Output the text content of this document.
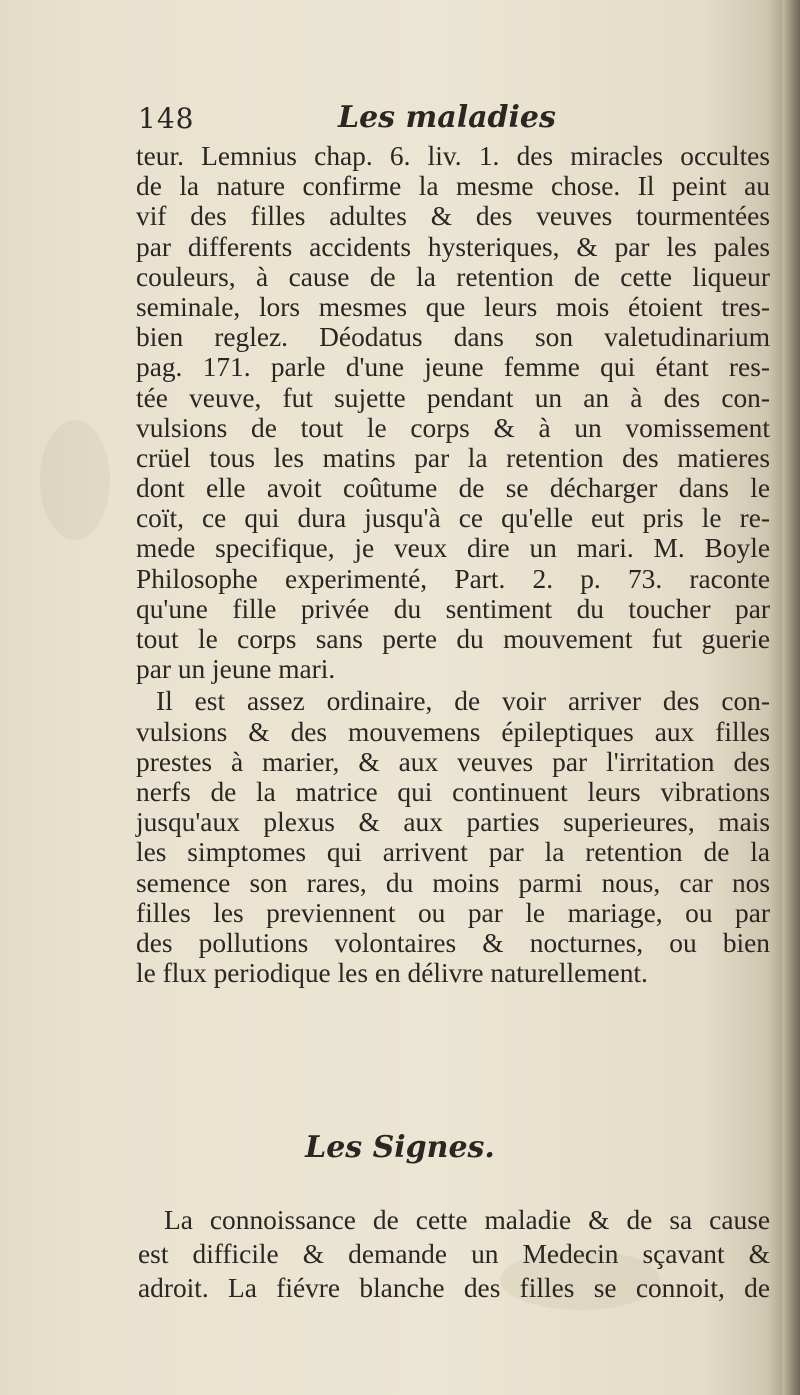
148	Les maladies
teur. Lemnius chap. 6. liv. 1. des miracles occultes
de la nature confirme la mesme chose. Il peint au
vif des filles adultes & des veuves tourmentées
par differents accidents hysteriques, & par les pales
couleurs, à cause de la retention de cette liqueur
seminale, lors mesmes que leurs mois étoient tres-
bien reglez. Déodatus dans son valetudinarium
pag. 171. parle d'une jeune femme qui étant res-
tée veuve, fut sujette pendant un an à des con-
vulsions de tout le corps & à un vomissement
crüel tous les matins par la retention des matieres
dont elle avoit coûtume de se décharger dans le
coït, ce qui dura jusqu'à ce qu'elle eut pris le re-
mede specifique, je veux dire un mari. M. Boyle
Philosophe experimenté, Part. 2. p. 73. raconte
qu'une fille privée du sentiment du toucher par
tout le corps sans perte du mouvement fut guerie
par un jeune mari.
Il est assez ordinaire, de voir arriver des con-
vulsions & des mouvemens épileptiques aux filles
prestes à marier, & aux veuves par l'irritation des
nerfs de la matrice qui continuent leurs vibrations
jusqu'aux plexus & aux parties superieures, mais
les simptomes qui arrivent par la retention de la
semence son rares, du moins parmi nous, car nos
filles les previennent ou par le mariage, ou par
des pollutions volontaires & nocturnes, ou bien
le flux periodique les en délivre naturellement.
Les Signes.
La connoissance de cette maladie & de sa cause
est difficile & demande un Medecin sçavant &
adroit. La fiévre blanche des filles se connoit, de
